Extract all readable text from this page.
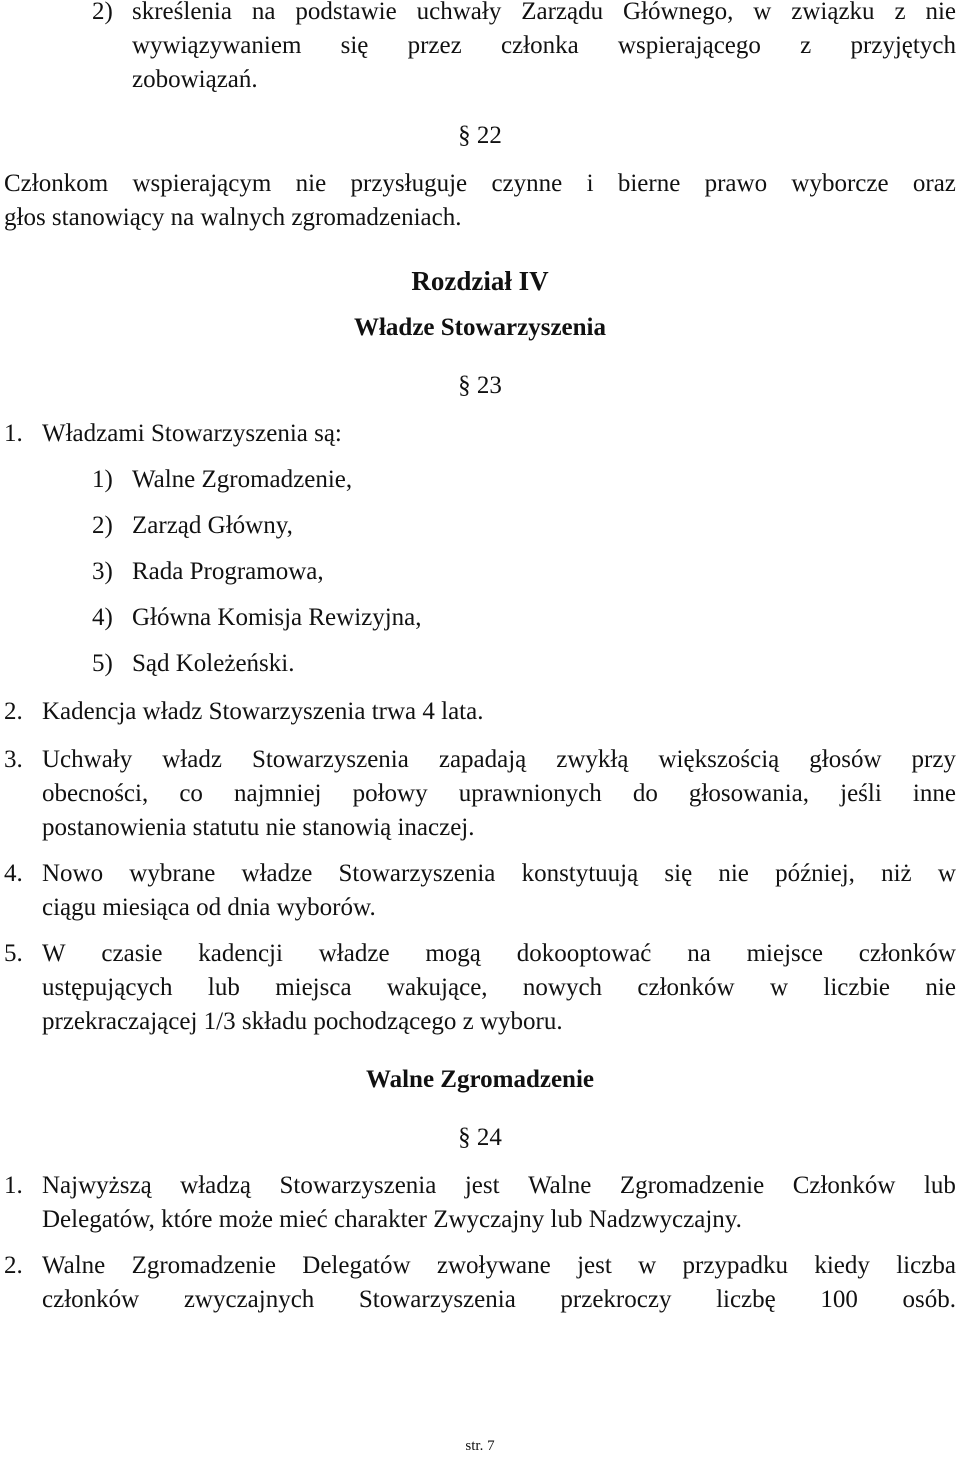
2) skreślenia na podstawie uchwały Zarządu Głównego, w związku z nie
wywiązywaniem się przez członka wspierającego z przyjętych
zobowiązań.
§ 22
Członkom wspierającym nie przysługuje czynne i bierne prawo wyborcze oraz
głos stanowiący na walnych zgromadzeniach.
Rozdział IV
Władze Stowarzyszenia
§ 23
1. Władzami Stowarzyszenia są:
1) Walne Zgromadzenie,
2) Zarząd Główny,
3) Rada Programowa,
4) Główna Komisja Rewizyjna,
5) Sąd Koleżeński.
2. Kadencja władz Stowarzyszenia trwa 4 lata.
3. Uchwały władz Stowarzyszenia zapadają zwykłą większością głosów przy
obecności, co najmniej połowy uprawnionych do głosowania, jeśli inne
postanowienia statutu nie stanowią inaczej.
4. Nowo wybrane władze Stowarzyszenia konstytuują się nie później, niż w
ciągu miesiąca od dnia wyborów.
5. W czasie kadencji władze mogą dokooptować na miejsce członków
ustępujących lub miejsca wakujące, nowych członków w liczbie nie
przekraczającej 1/3 składu pochodzącego z wyboru.
Walne Zgromadzenie
§ 24
1. Najwyższą władzą Stowarzyszenia jest Walne Zgromadzenie Członków lub
Delegatów, które może mieć charakter Zwyczajny lub Nadzwyczajny.
2. Walne Zgromadzenie Delegatów zwoływane jest w przypadku kiedy liczba
członków zwyczajnych Stowarzyszenia przekroczy liczbę 100 osób.
str. 7
